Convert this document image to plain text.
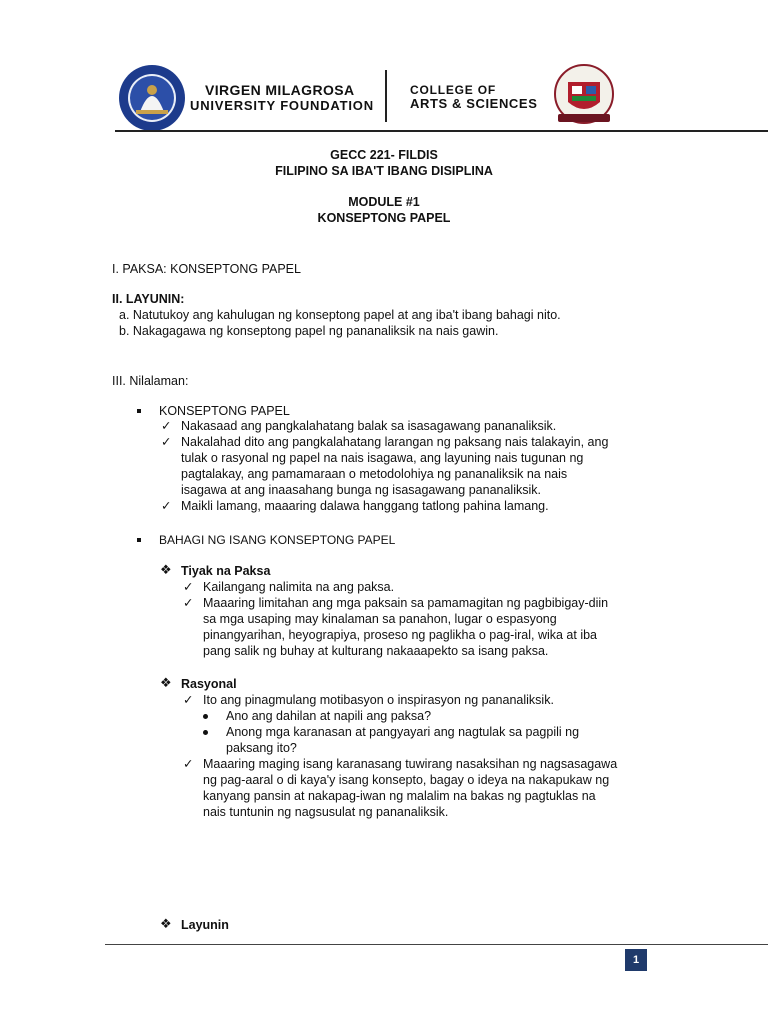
VIRGEN MILAGROSA
UNIVERSITY FOUNDATION
COLLEGE OF
ARTS & SCIENCES
GECC 221- FILDIS
FILIPINO SA IBA'T IBANG DISIPLINA
MODULE #1
KONSEPTONG PAPEL
I. PAKSA: KONSEPTONG PAPEL
II. LAYUNIN:
a. Natutukoy ang kahulugan ng konseptong papel at ang iba't ibang bahagi nito.
b. Nakagagawa ng konseptong papel ng pananaliksik na nais gawin.
III. Nilalaman:
KONSEPTONG PAPEL
✓ Nakasaad ang pangkalahatang balak sa isasagawang pananaliksik.
✓ Nakalahad dito ang pangkalahatang larangan ng paksang nais talakayin, ang
tulak o rasyonal ng papel na nais isagawa, ang layuning nais tugunan ng
pagtalakay, ang pamamaraan o metodolohiya ng pananaliksik na nais
isagawa at ang inaasahang bunga ng isasagawang pananaliksik.
✓ Maikli lamang, maaaring dalawa hanggang tatlong pahina lamang.
BAHAGI NG ISANG KONSEPTONG PAPEL
❖ Tiyak na Paksa
✓ Kailangang nalimita na ang paksa.
✓ Maaaring limitahan ang mga paksain sa pamamagitan ng pagbibigay-diin
sa mga usaping may kinalaman sa panahon, lugar o espasyong
pinangyarihan, heyograpiya, proseso ng paglikha o pag-iral, wika at iba
pang salik ng buhay at kulturang nakaaapekto sa isang paksa.
❖ Rasyonal
✓ Ito ang pinagmulang motibasyon o inspirasyon ng pananaliksik.
Ano ang dahilan at napili ang paksa?
Anong mga karanasan at pangyayari ang nagtulak sa pagpili ng
paksang ito?
✓ Maaaring maging isang karanasang tuwirang nasaksihan ng nagsasagawa
ng pag-aaral o di kaya'y isang konsepto, bagay o ideya na nakapukaw ng
kanyang pansin at nakapag-iwan ng malalim na bakas ng pagtuklas na
nais tuntunin ng nagsusulat ng pananaliksik.
❖ Layunin
1
